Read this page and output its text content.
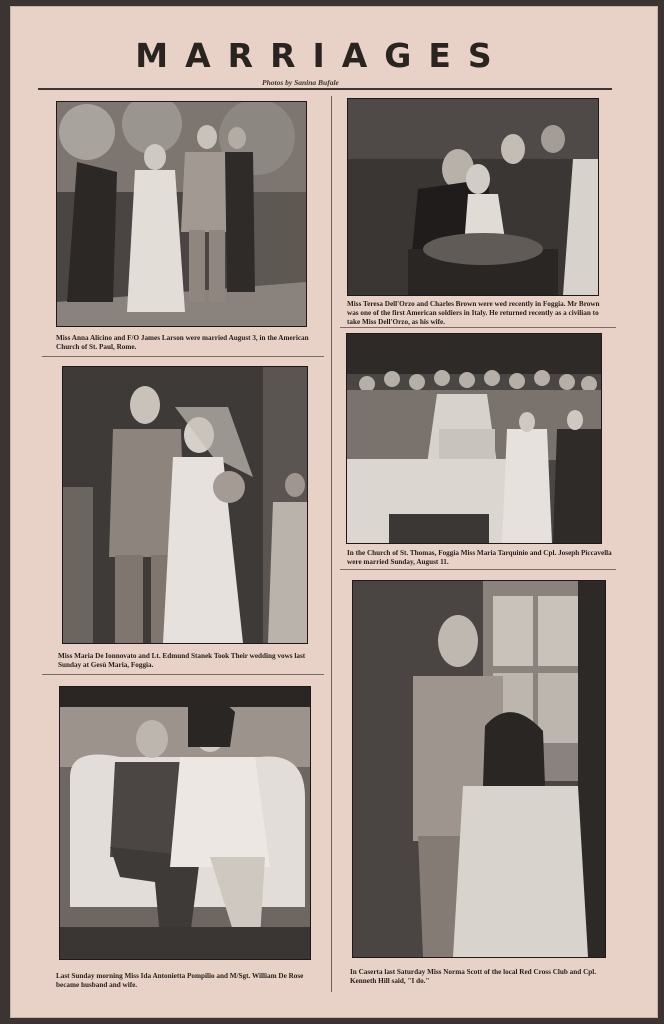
MARRIAGES
Photos by Sanina Bufale
Miss Anna Alicino and F/O James Larson were married August 3, in the American Church of St. Paul, Rome.
Miss Teresa Dell'Orzo and Charles Brown were wed recently in Foggia. Mr Brown was one of the first American soldiers in Italy. He returned recently as a civilian to take Miss Dell'Orzo, as his wife.
Miss Maria De Ionnovato and Lt. Edmund Stanek Took Their wedding vows last Sunday at Gesù Maria, Foggia.
In the Church of St. Thomas, Foggia Miss Maria Tarquinio and Cpl. Joseph Piccavella were married Sunday, August 11.
Last Sunday morning Miss Ida Antonietta Pompilio and M/Sgt. William De Rose became husband and wife.
In Caserta last Saturday Miss Norma Scott of the local Red Cross Club and Cpl. Kenneth Hill said, "I do."
